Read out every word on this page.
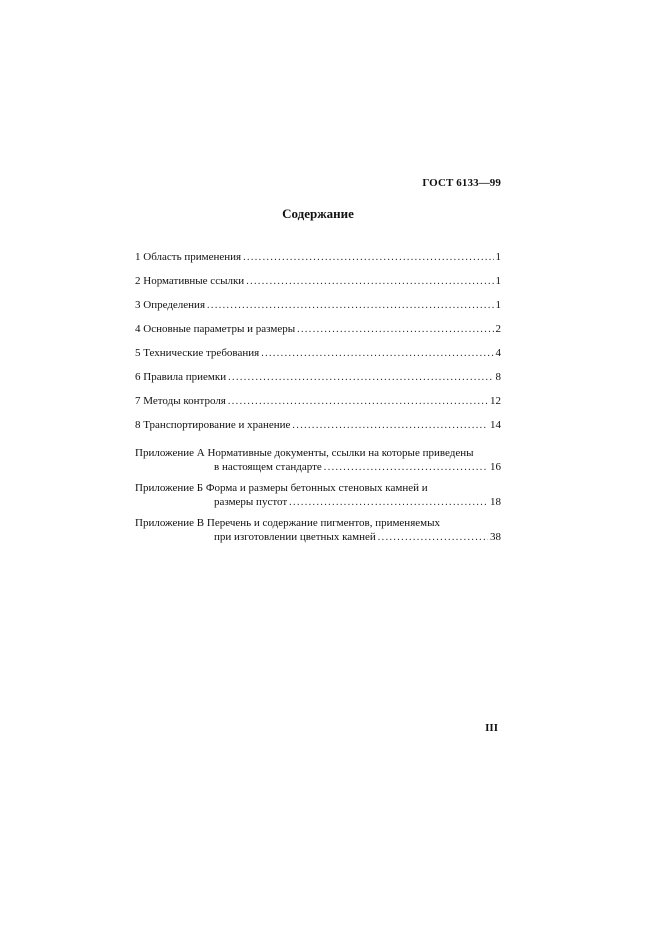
ГОСТ 6133—99
Содержание
1 Область применения .....	1
2 Нормативные ссылки .....	1
3 Определения .....	1
4 Основные параметры и размеры .....	2
5 Технические требования .....	4
6 Правила приемки .....	8
7 Методы контроля .....	12
8 Транспортирование и хранение .....	14
Приложение А
Нормативные документы, ссылки на которые приведены
в настоящем стандарте .....	16
Приложение Б
Форма и размеры бетонных стеновых камней и
размеры пустот .....	18
Приложение В
Перечень и содержание пигментов, применяемых
при изготовлении цветных камней .....	38
III
